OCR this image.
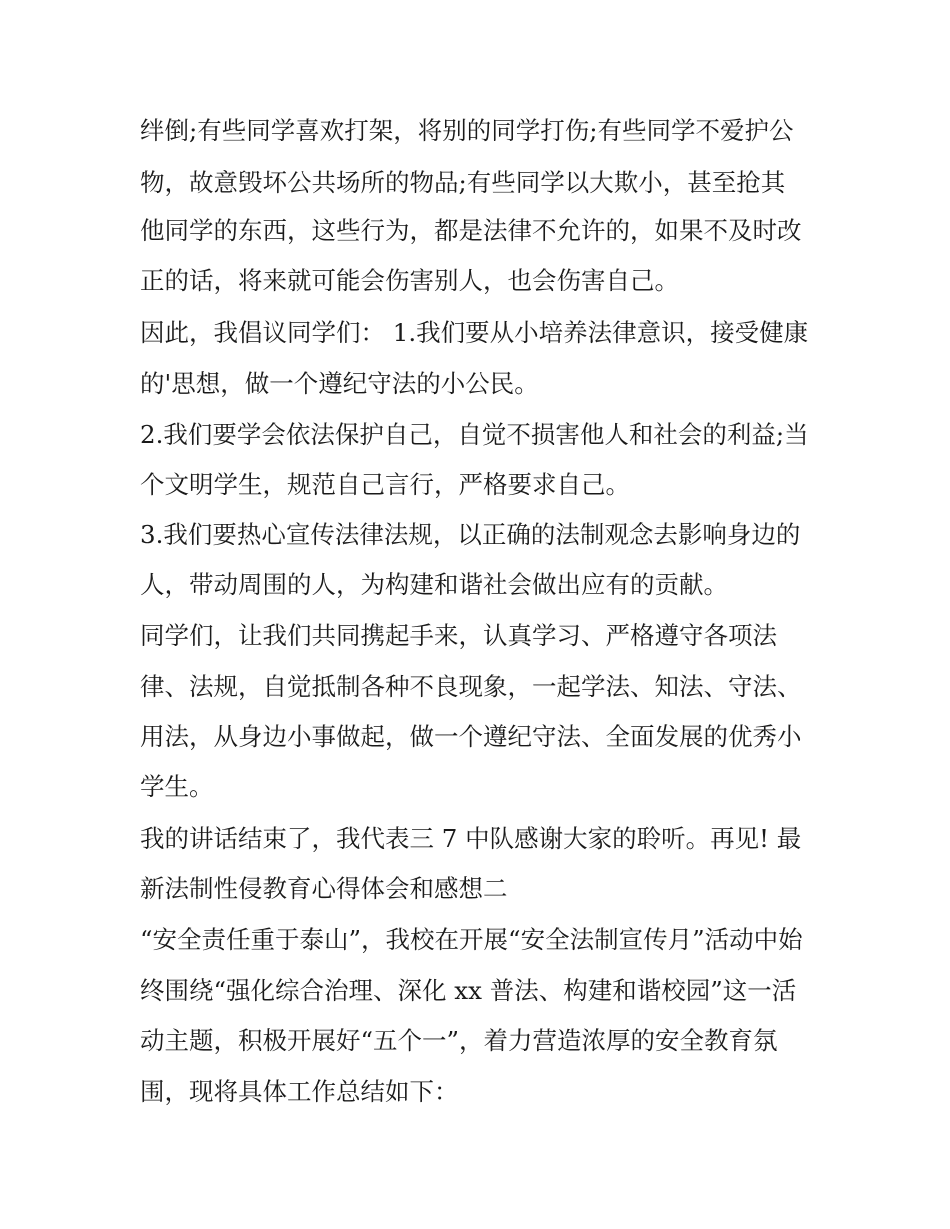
绊倒;有些同学喜欢打架，将别的同学打伤;有些同学不爱护公
物，故意毁坏公共场所的物品;有些同学以大欺小，甚至抢其
他同学的东西，这些行为，都是法律不允许的，如果不及时改
正的话，将来就可能会伤害别人，也会伤害自己。
因此，我倡议同学们： 1.我们要从小培养法律意识，接受健康
的'思想，做一个遵纪守法的小公民。
2.我们要学会依法保护自己，自觉不损害他人和社会的利益;当
个文明学生，规范自己言行，严格要求自己。
3.我们要热心宣传法律法规，以正确的法制观念去影响身边的
人，带动周围的人，为构建和谐社会做出应有的贡献。
同学们，让我们共同携起手来，认真学习、严格遵守各项法
律、法规，自觉抵制各种不良现象，一起学法、知法、守法、
用法，从身边小事做起，做一个遵纪守法、全面发展的优秀小
学生。
我的讲话结束了，我代表三 7 中队感谢大家的聆听。再见! 最
新法制性侵教育心得体会和感想二
“安全责任重于泰山”，我校在开展“安全法制宣传月”活动中始
终围绕“强化综合治理、深化 xx 普法、构建和谐校园”这一活
动主题，积极开展好“五个一”，着力营造浓厚的安全教育氛
围，现将具体工作总结如下：
